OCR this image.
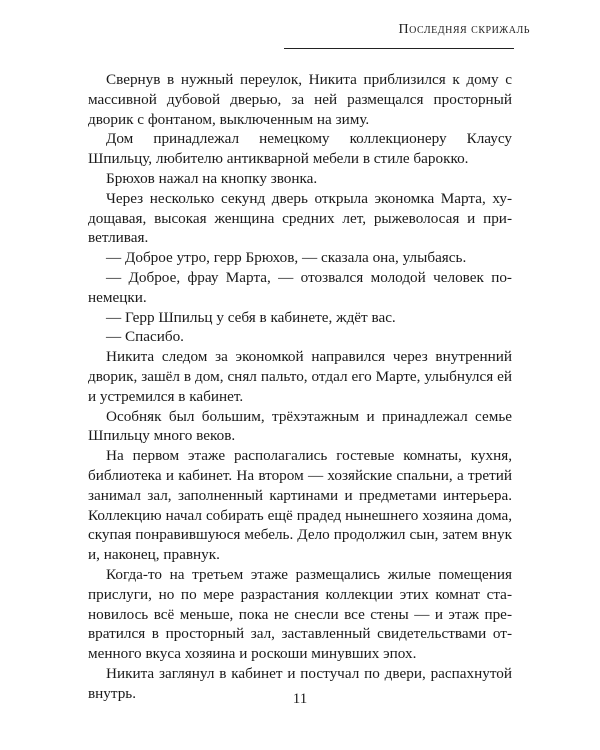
Последняя скрижаль

Свернув в нужный переулок, Никита приблизился к дому с массивной дубовой дверью, за ней размещался просторный дворик с фонтаном, выключенным на зиму.

Дом принадлежал немецкому коллекционеру Клаусу Шпильцу, любителю антикварной мебели в стиле барокко.

Брюхов нажал на кнопку звонка.

Через несколько секунд дверь открыла экономка Марта, худощавая, высокая женщина средних лет, рыжеволосая и приветливая.

— Доброе утро, герр Брюхов, — сказала она, улыбаясь.

— Доброе, фрау Марта, — отозвался молодой человек по-немецки.

— Герр Шпильц у себя в кабинете, ждёт вас.

— Спасибо.

Никита следом за экономкой направился через внутренний дворик, зашёл в дом, снял пальто, отдал его Марте, улыбнулся ей и устремился в кабинет.

Особняк был большим, трёхэтажным и принадлежал семье Шпильцу много веков.

На первом этаже располагались гостевые комнаты, кухня, библиотека и кабинет. На втором — хозяйские спальни, а третий занимал зал, заполненный картинами и предметами интерьера. Коллекцию начал собирать ещё прадед нынешнего хозяина дома, скупая понравившуюся мебель. Дело продолжил сын, затем внук и, наконец, правнук.

Когда-то на третьем этаже размещались жилые помещения прислуги, но по мере разрастания коллекции этих комнат становилось всё меньше, пока не снесли все стены — и этаж превратился в просторный зал, заставленный свидетельствами отменного вкуса хозяина и роскоши минувших эпох.

Никита заглянул в кабинет и постучал по двери, распахнутой внутрь.	11
